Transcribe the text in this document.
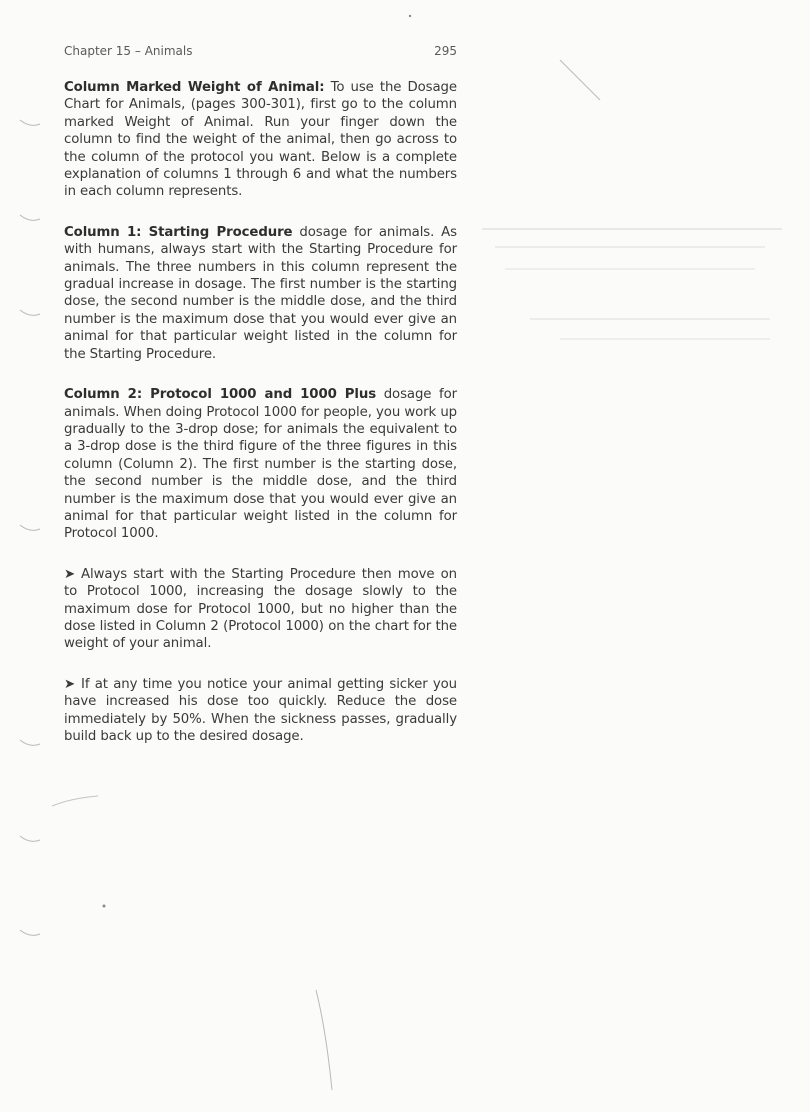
Chapter 15 – Animals	295

Column Marked Weight of Animal: To use the Dosage Chart for Animals, (pages 300-301), first go to the column marked Weight of Animal. Run your finger down the column to find the weight of the animal, then go across to the column of the protocol you want. Below is a complete explanation of columns 1 through 6 and what the numbers in each column represents.

Column 1: Starting Procedure dosage for animals. As with humans, always start with the Starting Procedure for animals. The three numbers in this column represent the gradual increase in dosage. The first number is the starting dose, the second number is the middle dose, and the third number is the maximum dose that you would ever give an animal for that particular weight listed in the column for the Starting Procedure.

Column 2: Protocol 1000 and 1000 Plus dosage for animals. When doing Protocol 1000 for people, you work up gradually to the 3-drop dose; for animals the equivalent to a 3-drop dose is the third figure of the three figures in this column (Column 2). The first number is the starting dose, the second number is the middle dose, and the third number is the maximum dose that you would ever give an animal for that particular weight listed in the column for Protocol 1000.

➤ Always start with the Starting Procedure then move on to Protocol 1000, increasing the dosage slowly to the maximum dose for Protocol 1000, but no higher than the dose listed in Column 2 (Protocol 1000) on the chart for the weight of your animal.

➤ If at any time you notice your animal getting sicker you have increased his dose too quickly. Reduce the dose immediately by 50%. When the sickness passes, gradually build back up to the desired dosage.
